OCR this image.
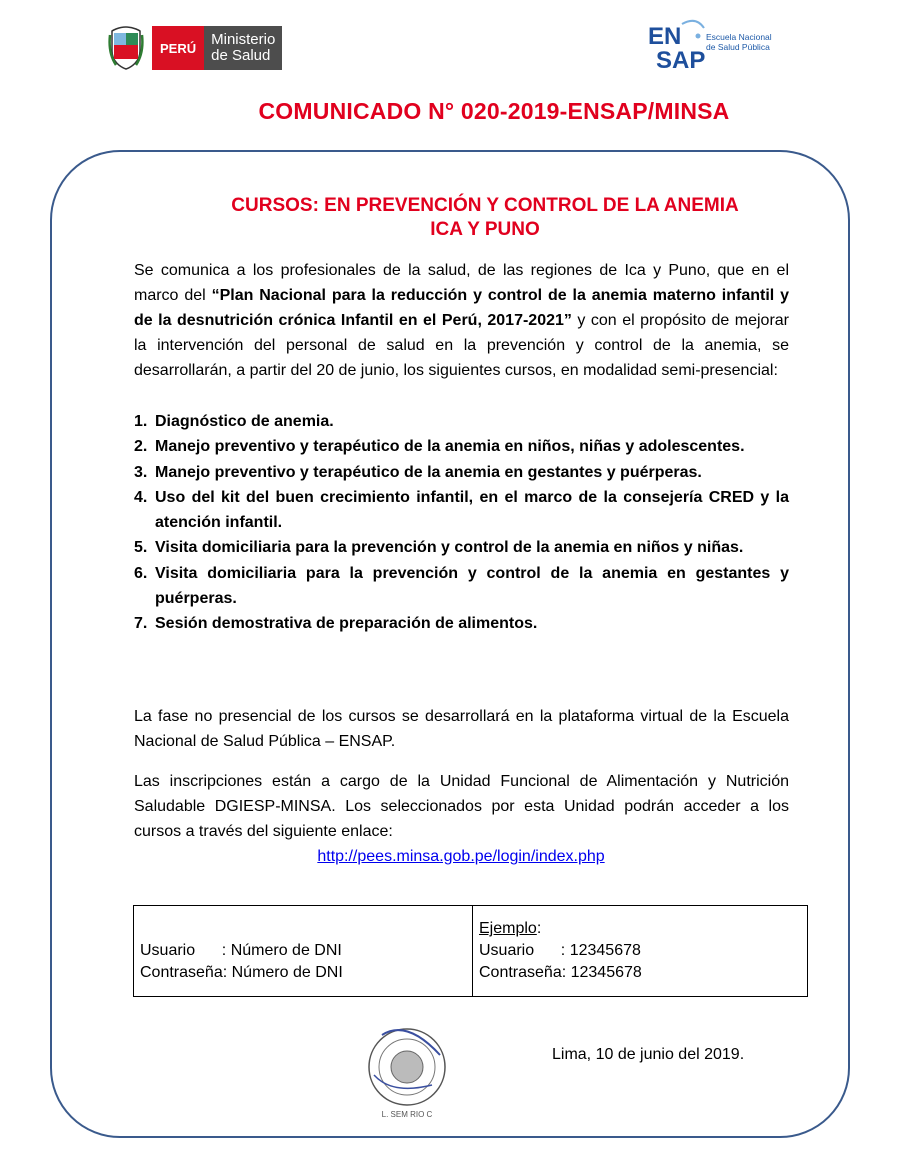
PERÚ	Ministerio
de Salud
EN
SAP
Escuela Nacional
de Salud Pública
COMUNICADO N° 020-2019-ENSAP/MINSA
CURSOS: EN PREVENCIÓN Y CONTROL DE LA ANEMIA
ICA Y PUNO
Se comunica a los profesionales de la salud, de las regiones de Ica y Puno, que en el marco del “Plan Nacional para la reducción y control de la anemia materno infantil y de la desnutrición crónica Infantil en el Perú, 2017-2021” y con el propósito de mejorar la intervención del personal de salud en la prevención y control de la anemia, se desarrollarán, a partir del 20 de junio, los siguientes cursos, en modalidad semi-presencial:
1. Diagnóstico de anemia.
2. Manejo preventivo y terapéutico de la anemia en niños, niñas y adolescentes.
3. Manejo preventivo y terapéutico de la anemia en gestantes y puérperas.
4. Uso del kit del buen crecimiento infantil, en el marco de la consejería CRED y la atención infantil.
5. Visita domiciliaria para la prevención y control de la anemia en niños y niñas.
6. Visita domiciliaria para la prevención y control de la anemia en gestantes y puérperas.
7. Sesión demostrativa de preparación de alimentos.
La fase no presencial de los cursos se desarrollará en la plataforma virtual de la Escuela Nacional de Salud Pública – ENSAP.
Las inscripciones están a cargo de la Unidad Funcional de Alimentación y Nutrición Saludable DGIESP-MINSA. Los seleccionados por esta Unidad podrán acceder a los cursos a través del siguiente enlace:
http://pees.minsa.gob.pe/login/index.php
Usuario      : Número de DNI
Contraseña: Número de DNI

Ejemplo:
Usuario      : 12345678
Contraseña: 12345678
L. SEM RIO C
Lima, 10 de junio del 2019.
